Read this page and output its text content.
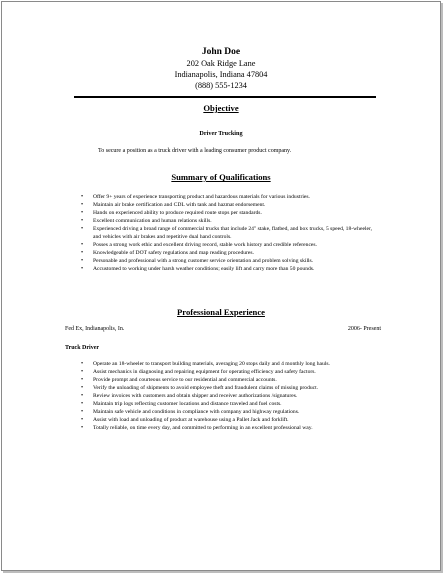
John Doe
202 Oak Ridge Lane
Indianapolis, Indiana 47804
(888) 555-1234
Objective
Driver Trucking
To secure a position as a truck driver with a leading consumer product company.
Summary of Qualifications
• Offer 9+ years of experience transporting product and hazardous materials for various industries.
• Maintain air brake certification and CDL with tank and hazmat endorsement.
• Hands on experienced ability to produce required route stops per standards.
• Excellent communication and human relations skills.
• Experienced driving a broad range of commercial trucks that include 24" stake, flatbed, and box trucks, 5 speed, 18-wheeler, and vehicles with air brakes and repetitive dual hand controls.
• Posses a strong work ethic and excellent driving record, stable work history and credible references.
• Knowledgeable of DOT safety regulations and map reading procedures.
• Personable and professional with a strong customer service orientation and problem solving skills.
• Accustomed to working under harsh weather conditions; easily lift and carry more than 50 pounds.
Professional Experience
Fed Ex, Indianapolis, In.	2006- Present
Truck Driver
• Operate an 18-wheeler to transport building materials, averaging 20 stops daily and 4 monthly long hauls.
• Assist mechanics in diagnosing and repairing equipment for operating efficiency and safety factors.
• Provide prompt and courteous service to our residential and commercial accounts.
• Verify the unloading of shipments to avoid employee theft and fraudulent claims of missing product.
• Review invoices with customers and obtain shipper and receiver authorizations /signatures.
• Maintain trip logs reflecting customer locations and distance traveled and fuel costs.
• Maintain safe vehicle and conditions in compliance with company and highway regulations.
• Assist with load and unloading of product at warehouse using a Pallet Jack and forklift.
• Totally reliable, on time every day, and committed to performing in an excellent professional way.
